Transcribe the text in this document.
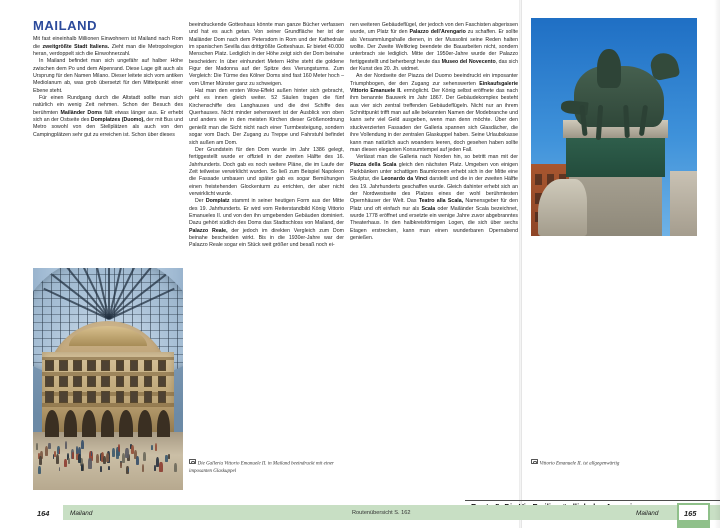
MAILAND

Mit fast eineinhalb Millionen Einwohnern ist Mailand nach Rom die zweitgrößte Stadt Italiens. Zieht man die Metropolregion heran, verdoppelt sich die Einwohnerzahl.

In Mailand befindet man sich ungefähr auf halber Höhe zwischen dem Po und dem Alpenrand. Diese Lage gilt auch als Ursprung für den Namen Milano. Dieser leitete sich vom antiken Mediolanum ab, was grob übersetzt für den Mittelpunkt einer Ebene steht.

Für einen Rundgang durch die Altstadt sollte man sich natürlich ein wenig Zeit nehmen. Schon der Besuch des berühmten Mailänder Doms fällt etwas länger aus. Er erhebt sich an der Ostseite des Domplatzes (Duomo), der mit Bus und Metro sowohl von den Stellplätzen als auch von den Campingplätzen sehr gut zu erreichen ist. Schon über dieses

beeindruckende Gotteshaus könnte man ganze Bücher verfassen und hat es auch getan. Von seiner Grundfläche her ist der Mailänder Dom nach dem Petersdom in Rom und der Kathedrale im spanischen Sevilla das drittgrößte Gotteshaus. Er bietet 40.000 Menschen Platz. Lediglich in der Höhe zeigt sich der Dom beinahe bescheiden: In über einhundert Metern Höhe steht die goldene Figur der Madonna auf der Spitze des Vierungsturms. Zum Vergleich: Die Türme des Kölner Doms sind fast 160 Meter hoch – vom Ulmer Münster ganz zu schweigen.

Hat man den ersten Wow-Effekt außen hinter sich gebracht, geht es innen gleich weiter. 52 Säulen tragen die fünf Kirchenschiffe des Langhauses und die drei Schiffe des Querhauses. Nicht minder sehenswert ist der Ausblick von oben und anders wie in den meisten Kirchen dieser Größenordnung genießt man die Sicht nicht nach einer Turmbesteigung, sondern sogar vom Dach. Der Zugang zu Treppe und Fahrstuhl befindet sich außen am Dom.

Der Grundstein für den Dom wurde im Jahr 1386 gelegt, fertiggestellt wurde er offiziell in der zweiten Hälfte des 16. Jahrhunderts. Doch gab es noch weitere Pläne, die im Laufe der Zeit teilweise verwirklicht wurden. So ließ zum Beispiel Napoleon die Fassade umbauen und später gab es sogar Bemühungen einen freistehenden Glockenturm zu errichten, der aber nicht verwirklicht wurde.

Der Domplatz stammt in seiner heutigen Form aus der Mitte des 19. Jahrhunderts. Er wird vom Reiterstandbild König Vittorio Emanueles II. und von den ihn umgebenden Gebäuden dominiert. Dazu gehört südlich des Doms das Stadtschloss von Mailand, der Palazzo Reale, der jedoch im direkten Vergleich zum Dom beinahe bescheiden wirkt. Bis in die 1930er-Jahre war der Palazzo Reale sogar ein Stück weit größer und besaß noch ei-

nen weiteren Gebäudeflügel, der jedoch von den Faschisten abgerissen wurde, um Platz für den Palazzo dell'Arengario zu schaffen. Er sollte als Versammlungshalle dienen, in der Mussolini seine Reden halten wollte. Der Zweite Weltkrieg beendete die Bauarbeiten nicht, sondern unterbrach sie lediglich. Mitte der 1950er-Jahre wurde der Palazzo fertiggestellt und beherbergt heute das Museo del Novecento, das sich der Kunst des 20. Jh. widmet.

An der Nordseite der Piazza del Duomo beeindruckt ein imposanter Triumphbogen, der den Zugang zur sehenswerten Einkaufsgalerie Vittorio Emanuele II. ermöglicht. Der König selbst eröffnete das nach ihm benannte Bauwerk im Jahr 1867. Der Gebäudekomplex besteht aus vier sich zentral treffenden Gebäudeflügeln. Nicht nur an ihrem Schnittpunkt trifft man auf alle bekannten Namen der Modebranche und kann sehr viel Geld ausgeben, wenn man denn möchte. Über den stuckverzierten Fassaden der Galleria spannen sich Glasdächer, die ihre Vollendung in der zentralen Glaskuppel haben. Seine Urlaubskasse kann man natürlich auch woanders leeren, doch gesehen haben sollte man diesen eleganten Konsumtempel auf jeden Fall.

Verlässt man die Galleria nach Norden hin, so betritt man mit der Piazza della Scala gleich den nächsten Platz. Umgeben von einigen Parkbänken unter schattigen Baumkronen erhebt sich in der Mitte eine Skulptur, die Leonardo da Vinci darstellt und die in der zweiten Hälfte des 19. Jahrhunderts geschaffen wurde. Gleich dahinter erhebt sich an der Nordwestseite des Platzes eines der wohl berühmtesten Opernhäuser der Welt. Das Teatro alla Scala, Namensgeber für den Platz und oft einfach nur als Scala oder Mailänder Scala bezeichnet, wurde 1778 eröffnet und ersetzte ein wenige Jahre zuvor abgebranntes Theaterhaus. In den halbkreisförmigen Logen, die sich über sechs Etagen erstrecken, kann man einen wunderbaren Opernabend genießen.

Die Galleria Vittorio Emanuele II. in Mailand beeindruckt mit einer imposanten Glaskuppel
Vittorio Emanuele II. ist allgegenwärtig
164	Mailand	Routenübersicht S. 162	Mailand	165
